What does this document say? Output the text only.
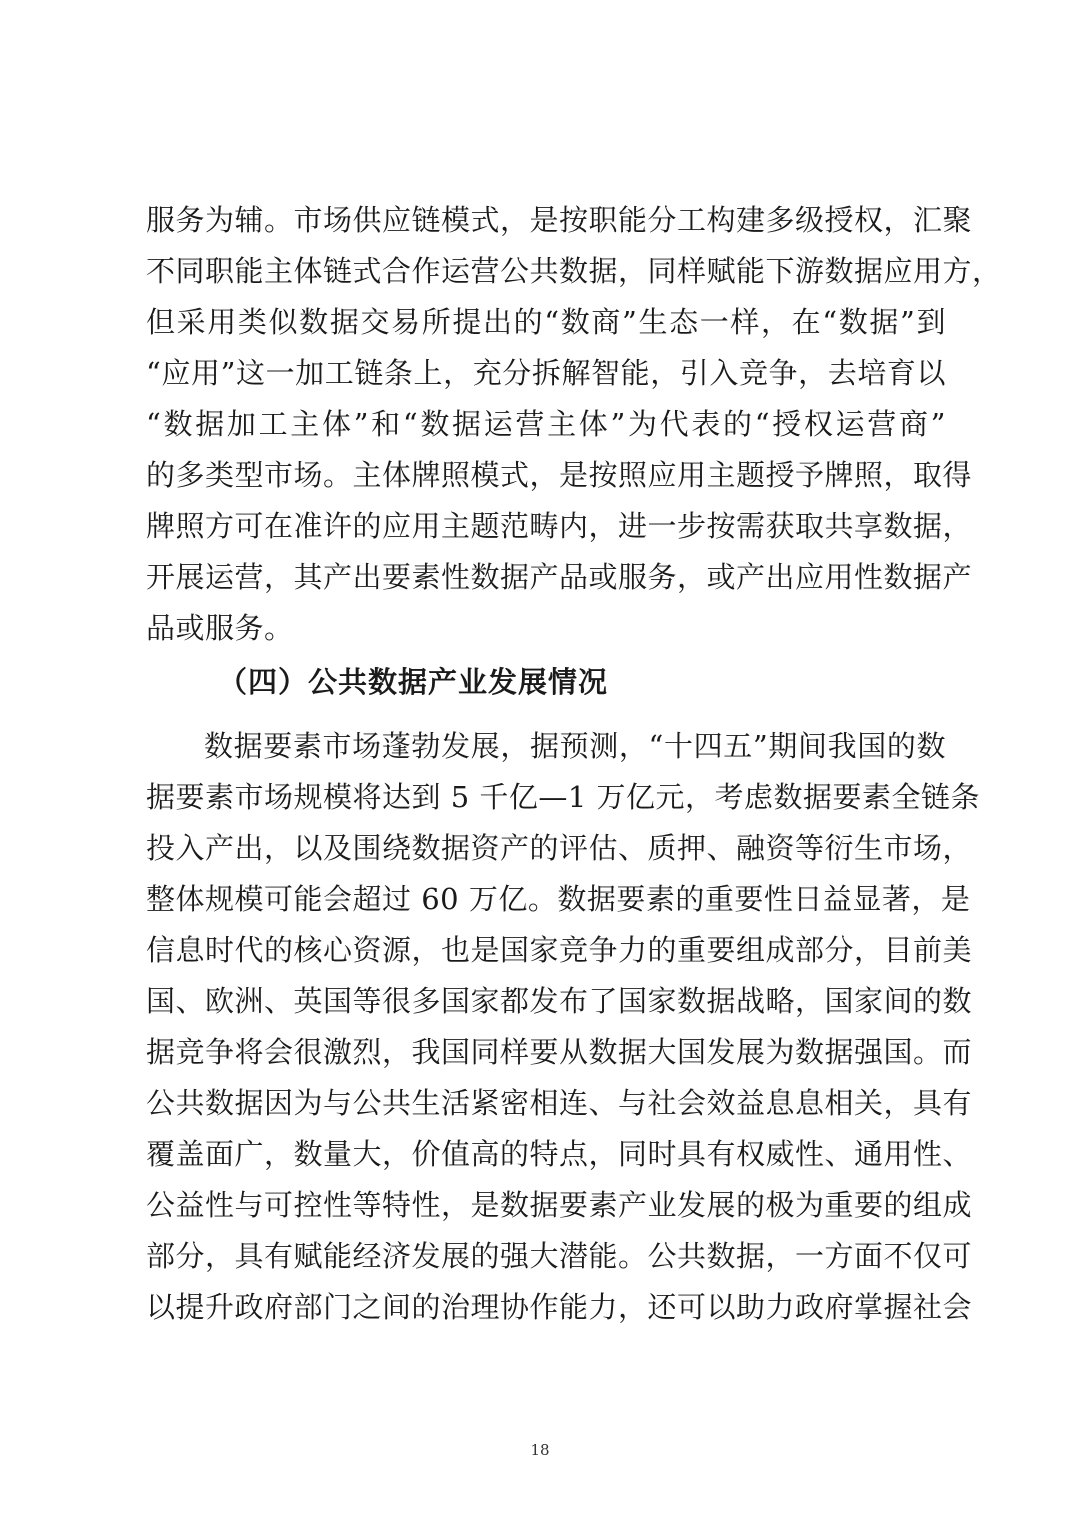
服务为辅。市场供应链模式，是按职能分工构建多级授权，汇聚
不同职能主体链式合作运营公共数据，同样赋能下游数据应用方，
但采用类似数据交易所提出的“数商”生态一样，在“数据”到
“应用”这一加工链条上，充分拆解智能，引入竞争，去培育以
“数据加工主体”和“数据运营主体”为代表的“授权运营商”
的多类型市场。主体牌照模式，是按照应用主题授予牌照，取得
牌照方可在准许的应用主题范畴内，进一步按需获取共享数据，
开展运营，其产出要素性数据产品或服务，或产出应用性数据产
品或服务。
（四）公共数据产业发展情况
数据要素市场蓬勃发展，据预测，“十四五”期间我国的数
据要素市场规模将达到 5 千亿—1 万亿元，考虑数据要素全链条
投入产出，以及围绕数据资产的评估、质押、融资等衍生市场，
整体规模可能会超过 60 万亿。数据要素的重要性日益显著，是
信息时代的核心资源，也是国家竞争力的重要组成部分，目前美
国、欧洲、英国等很多国家都发布了国家数据战略，国家间的数
据竞争将会很激烈，我国同样要从数据大国发展为数据强国。而
公共数据因为与公共生活紧密相连、与社会效益息息相关，具有
覆盖面广，数量大，价值高的特点，同时具有权威性、通用性、
公益性与可控性等特性，是数据要素产业发展的极为重要的组成
部分，具有赋能经济发展的强大潜能。公共数据，一方面不仅可
以提升政府部门之间的治理协作能力，还可以助力政府掌握社会
18
